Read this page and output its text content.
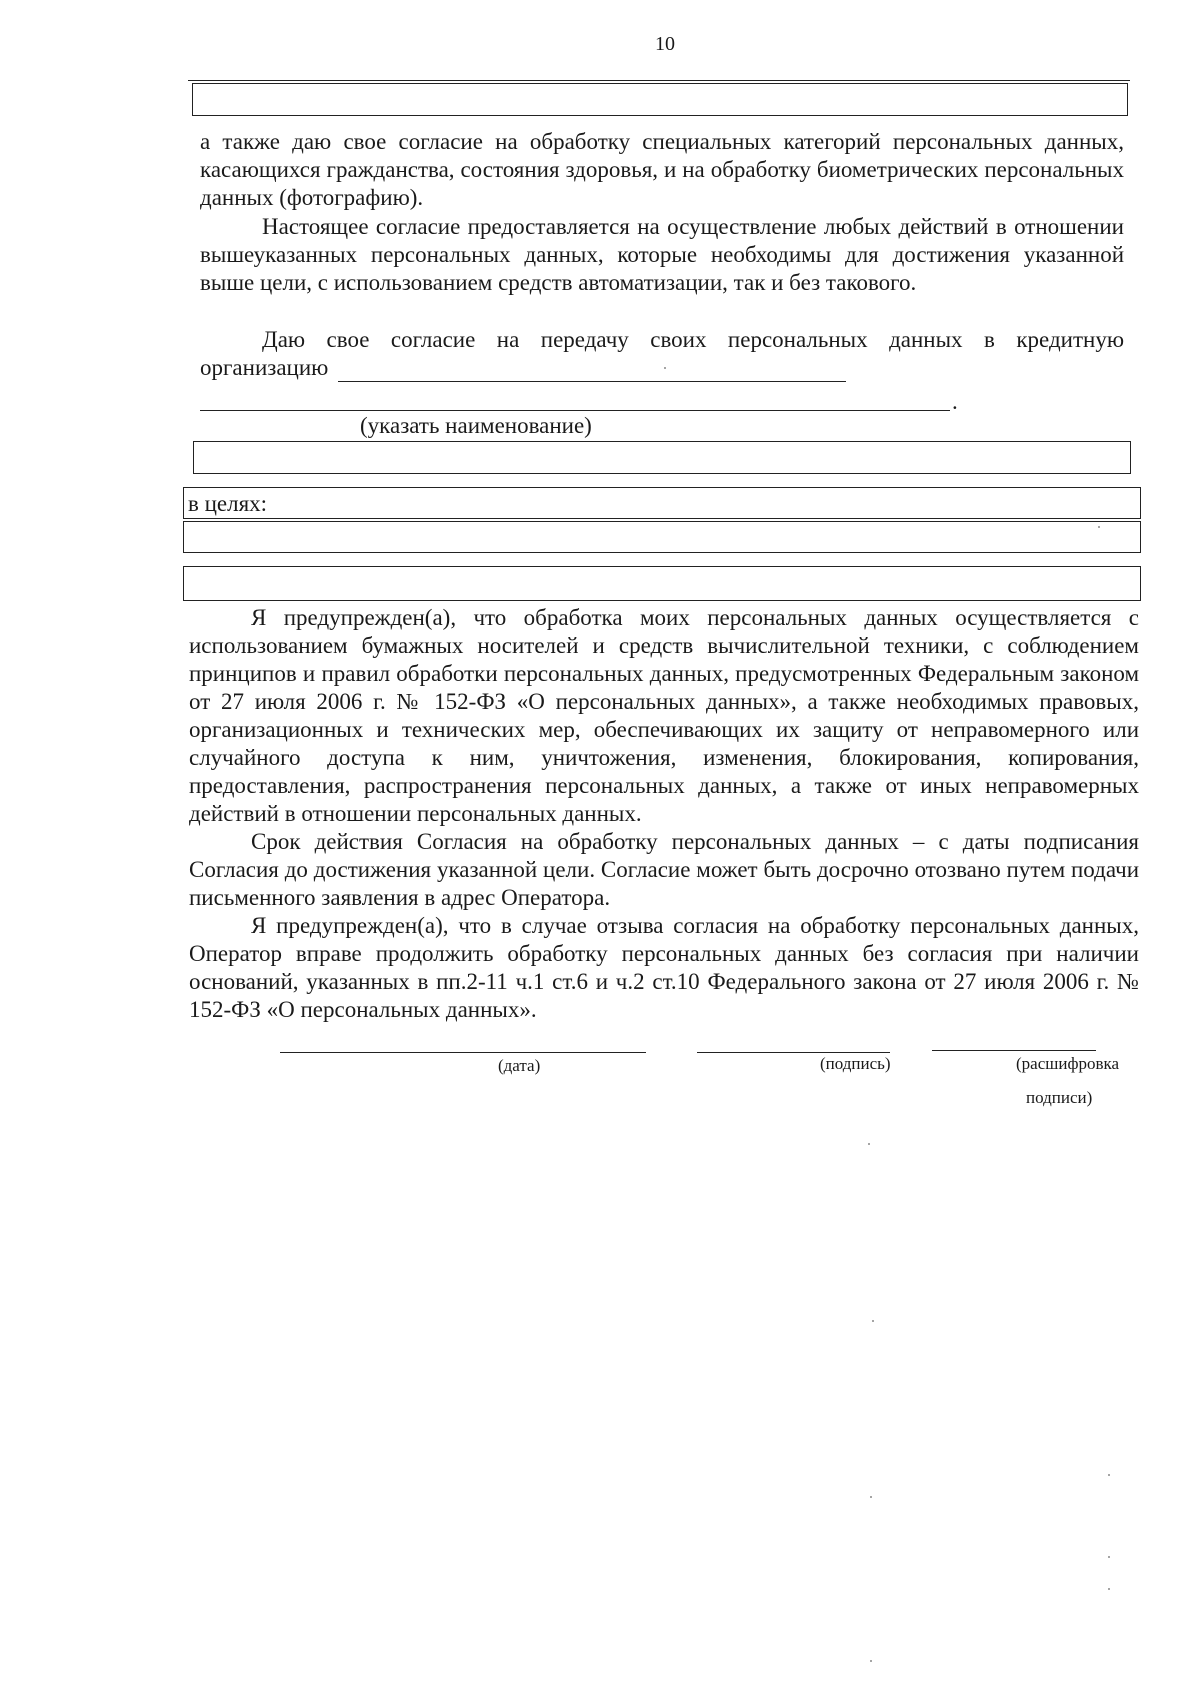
10

а также даю свое согласие на обработку специальных категорий персональных данных, касающихся гражданства, состояния здоровья, и на обработку биометрических персональных данных (фотографию).

Настоящее согласие предоставляется на осуществление любых действий в отношении вышеуказанных персональных данных, которые необходимы для достижения указанной выше цели, с использованием средств автоматизации, так и без такового.

Даю свое согласие на передачу своих персональных данных в кредитную

организацию
.
(указать наименование)
в целях:

Я предупрежден(а), что обработка моих персональных данных осуществляется с использованием бумажных носителей и средств вычислительной техники, с соблюдением принципов и правил обработки персональных данных, предусмотренных Федеральным законом от 27 июля 2006 г. № 152-ФЗ «О персональных данных», а также необходимых правовых, организационных и технических мер, обеспечивающих их защиту от неправомерного или случайного доступа к ним, уничтожения, изменения, блокирования, копирования, предоставления, распространения персональных данных, а также от иных неправомерных действий в отношении персональных данных.

Срок действия Согласия на обработку персональных данных – с даты подписания Согласия до достижения указанной цели. Согласие может быть досрочно отозвано путем подачи письменного заявления в адрес Оператора.

Я предупрежден(а), что в случае отзыва согласия на обработку персональных данных, Оператор вправе продолжить обработку персональных данных без согласия при наличии оснований, указанных в пп.2-11 ч.1 ст.6 и ч.2 ст.10 Федерального закона от 27 июля 2006 г. № 152-ФЗ «О персональных данных».

(дата)	(подпись)	(расшифровка
подписи)
